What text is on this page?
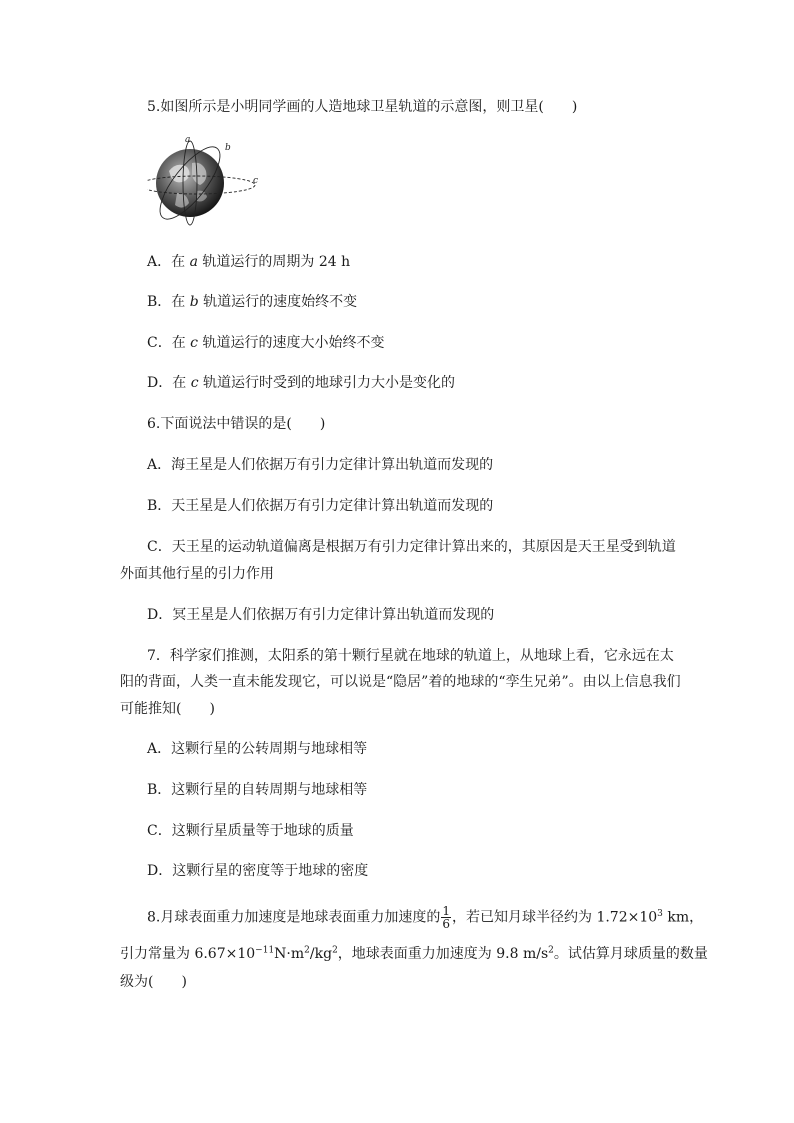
5.如图所示是小明同学画的人造地球卫星轨道的示意图，则卫星(　　)
a
b
c
A．在 a 轨道运行的周期为 24 h
B．在 b 轨道运行的速度始终不变
C．在 c 轨道运行的速度大小始终不变
D．在 c 轨道运行时受到的地球引力大小是变化的
6.下面说法中错误的是(　　)
A．海王星是人们依据万有引力定律计算出轨道而发现的
B．天王星是人们依据万有引力定律计算出轨道而发现的
C．天王星的运动轨道偏离是根据万有引力定律计算出来的，其原因是天王星受到轨道
外面其他行星的引力作用
D．冥王星是人们依据万有引力定律计算出轨道而发现的
7．科学家们推测，太阳系的第十颗行星就在地球的轨道上，从地球上看，它永远在太
阳的背面，人类一直未能发现它，可以说是“隐居”着的地球的“孪生兄弟”。由以上信息我们
可能推知(　　)
A．这颗行星的公转周期与地球相等
B．这颗行星的自转周期与地球相等
C．这颗行星质量等于地球的质量
D．这颗行星的密度等于地球的密度
8.月球表面重力加速度是地球表面重力加速度的 $\frac{1}{6}$ ，若已知月球半径约为 $1.72\times 10^3$ km，
引力常量为 $6.67\times 10^{-11}N\cdot m^2/kg^2$，地球表面重力加速度为 9.8 $m/s^2$。试估算月球质量的数量
级为(　　)
